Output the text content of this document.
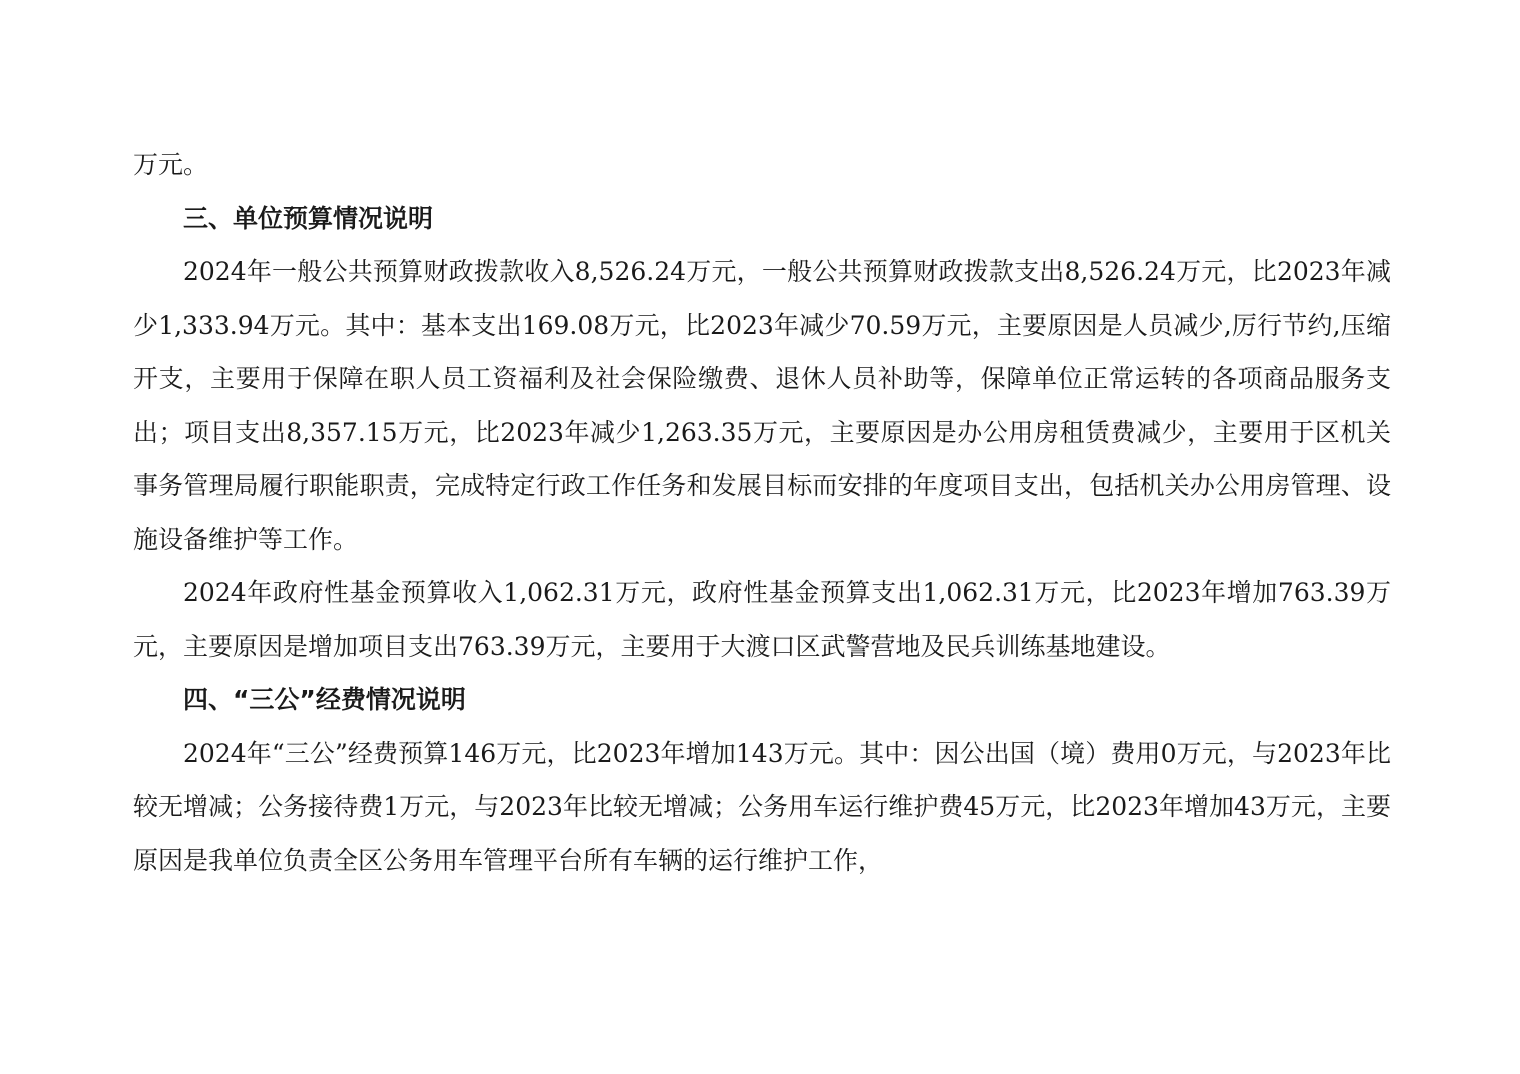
万元。

三、单位预算情况说明

2024年一般公共预算财政拨款收入8,526.24万元，一般公共预算财政拨款支出8,526.24万元，比2023年减少1,333.94万元。其中：基本支出169.08万元，比2023年减少70.59万元，主要原因是人员减少,厉行节约,压缩开支，主要用于保障在职人员工资福利及社会保险缴费、退休人员补助等，保障单位正常运转的各项商品服务支出；项目支出8,357.15万元，比2023年减少1,263.35万元，主要原因是办公用房租赁费减少，主要用于区机关事务管理局履行职能职责，完成特定行政工作任务和发展目标而安排的年度项目支出，包括机关办公用房管理、设施设备维护等工作。

2024年政府性基金预算收入1,062.31万元，政府性基金预算支出1,062.31万元，比2023年增加763.39万元，主要原因是增加项目支出763.39万元，主要用于大渡口区武警营地及民兵训练基地建设。

四、“三公”经费情况说明

2024年“三公”经费预算146万元，比2023年增加143万元。其中：因公出国（境）费用0万元，与2023年比较无增减；公务接待费1万元，与2023年比较无增减；公务用车运行维护费45万元，比2023年增加43万元，主要原因是我单位负责全区公务用车管理平台所有车辆的运行维护工作，
